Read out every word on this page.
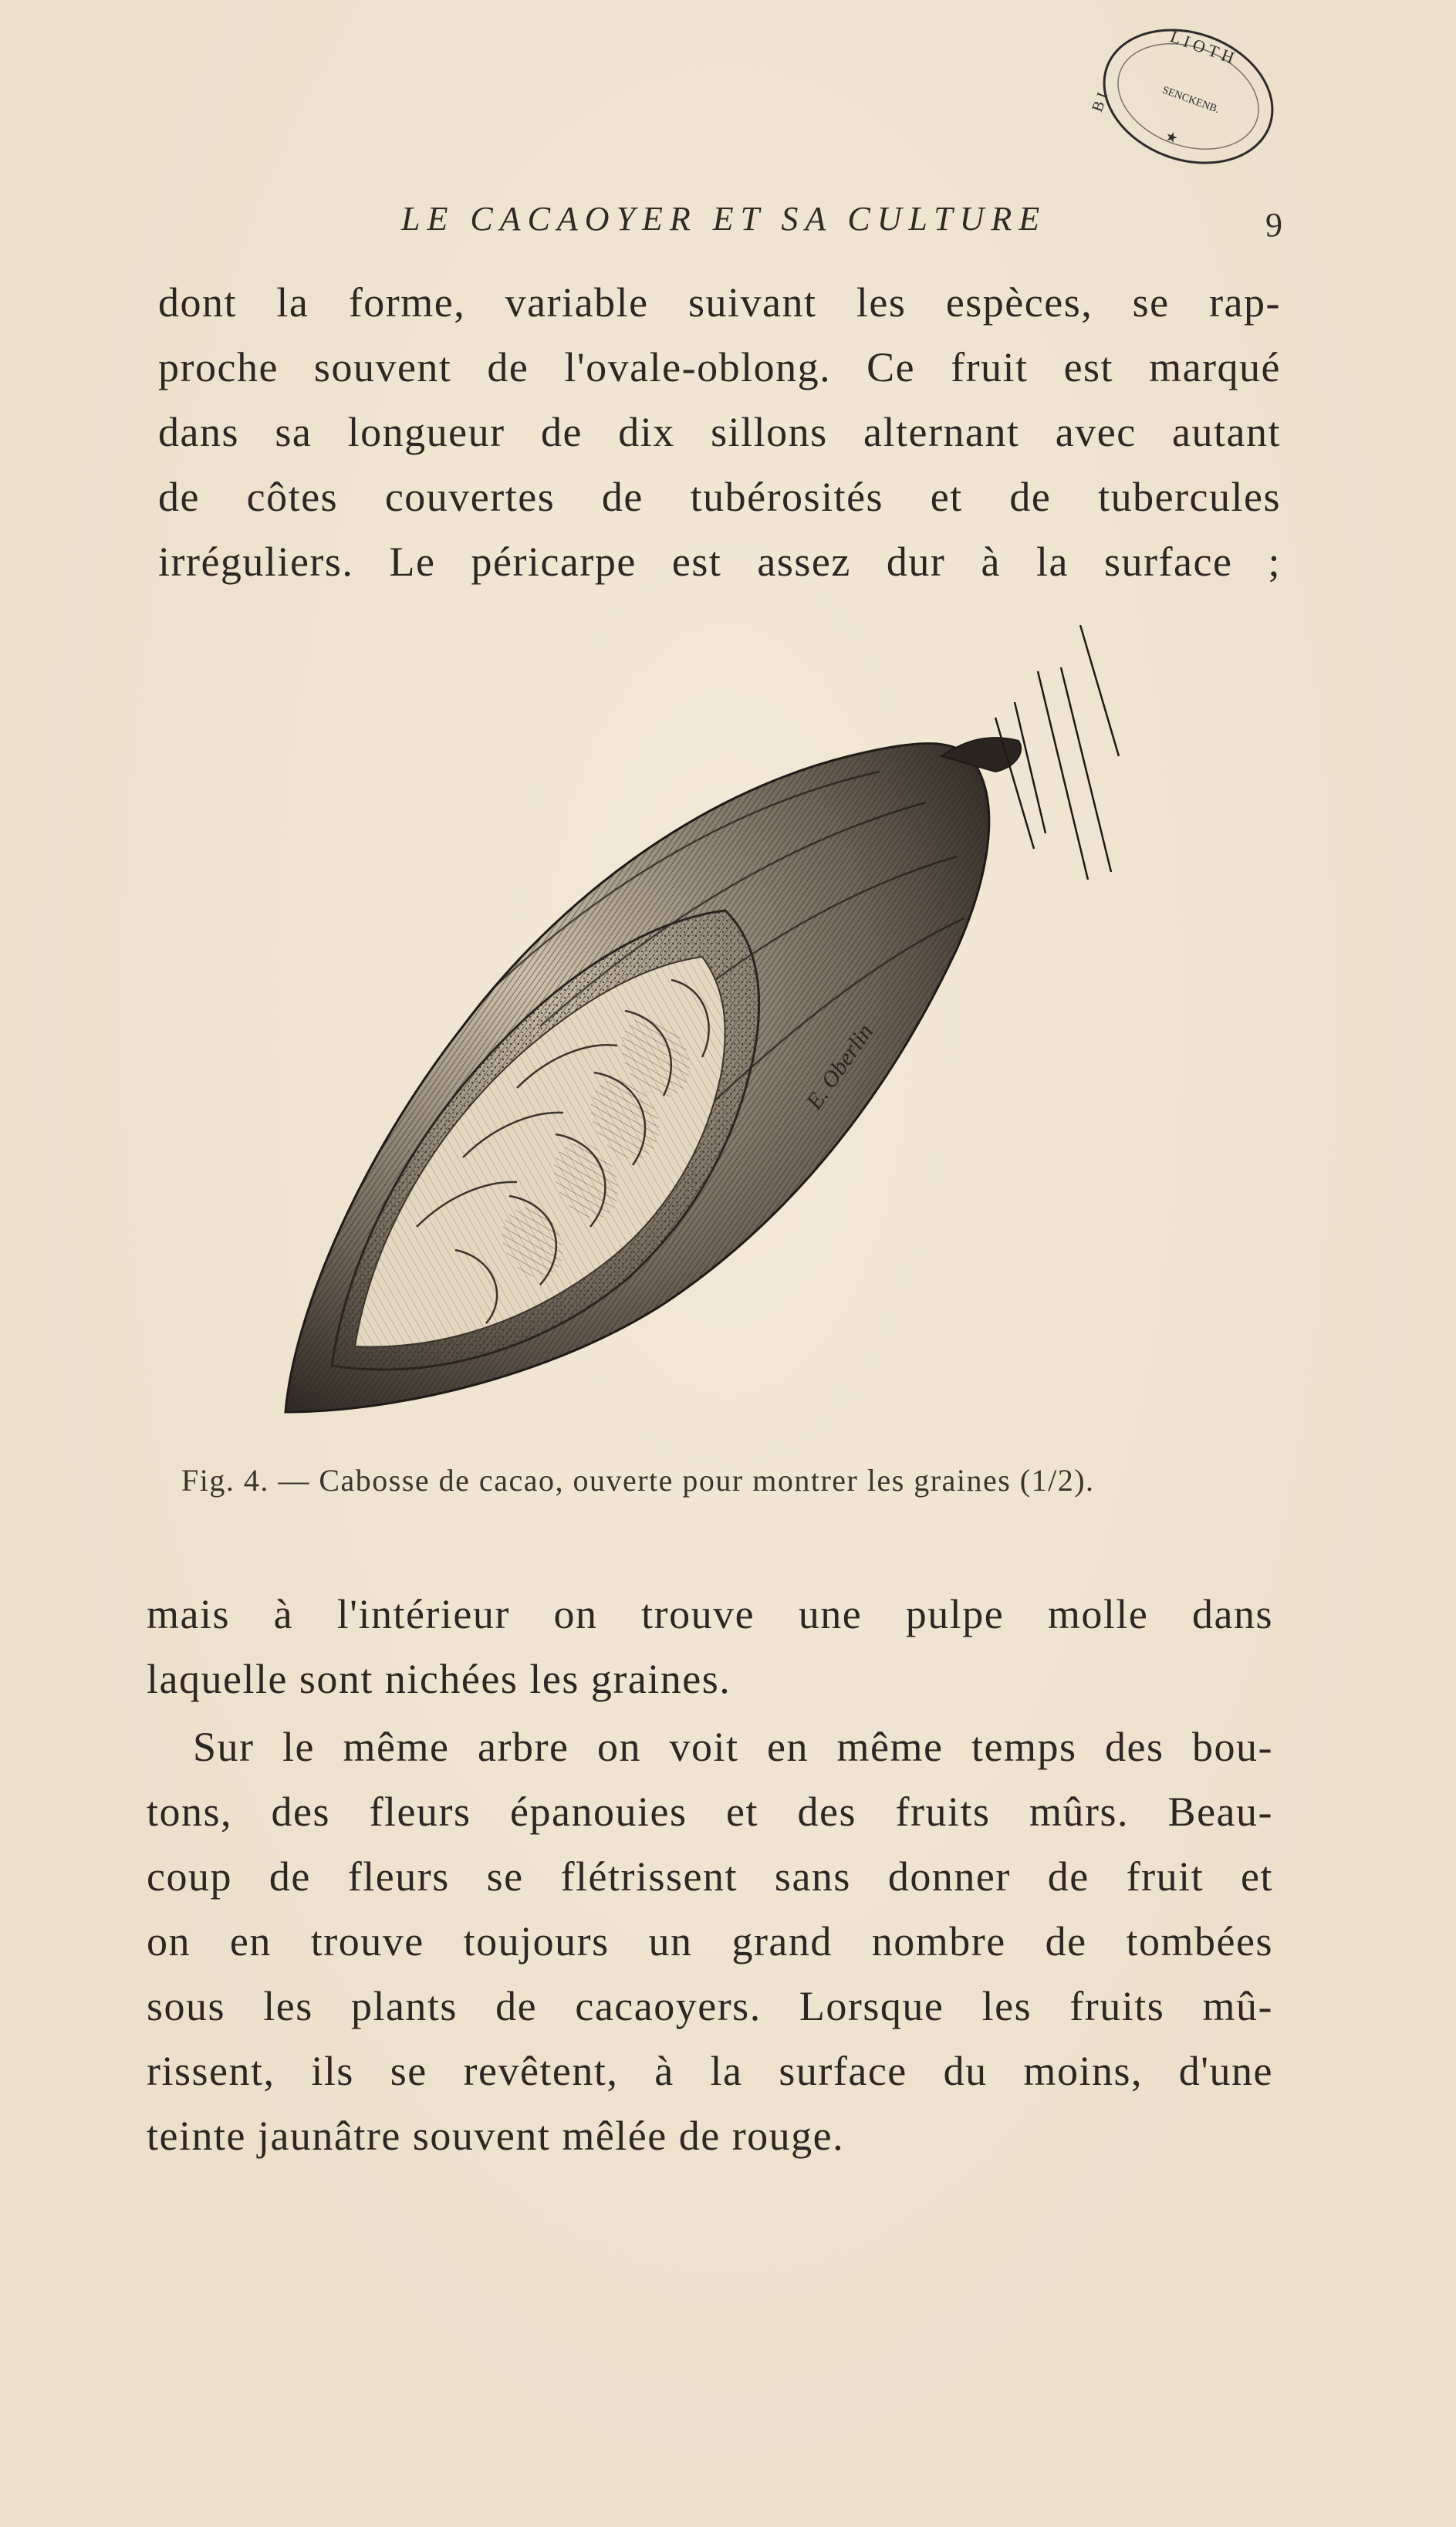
L I O T H
SENCKENB.
★
B I
LE CACAOYER ET SA CULTURE	9
dont la forme, variable suivant les espèces, se rap-
proche souvent de l'ovale-oblong. Ce fruit est marqué
dans sa longueur de dix sillons alternant avec autant
de côtes couvertes de tubérosités et de tubercules
irréguliers. Le péricarpe est assez dur à la surface ;
E. Oberlin
Fig. 4. — Cabosse de cacao, ouverte pour montrer les graines (1/2).
mais à l'intérieur on trouve une pulpe molle dans
laquelle sont nichées les graines.
Sur le même arbre on voit en même temps des bou-
tons, des fleurs épanouies et des fruits mûrs. Beau-
coup de fleurs se flétrissent sans donner de fruit et
on en trouve toujours un grand nombre de tombées
sous les plants de cacaoyers. Lorsque les fruits mû-
rissent, ils se revêtent, à la surface du moins, d'une
teinte jaunâtre souvent mêlée de rouge.
